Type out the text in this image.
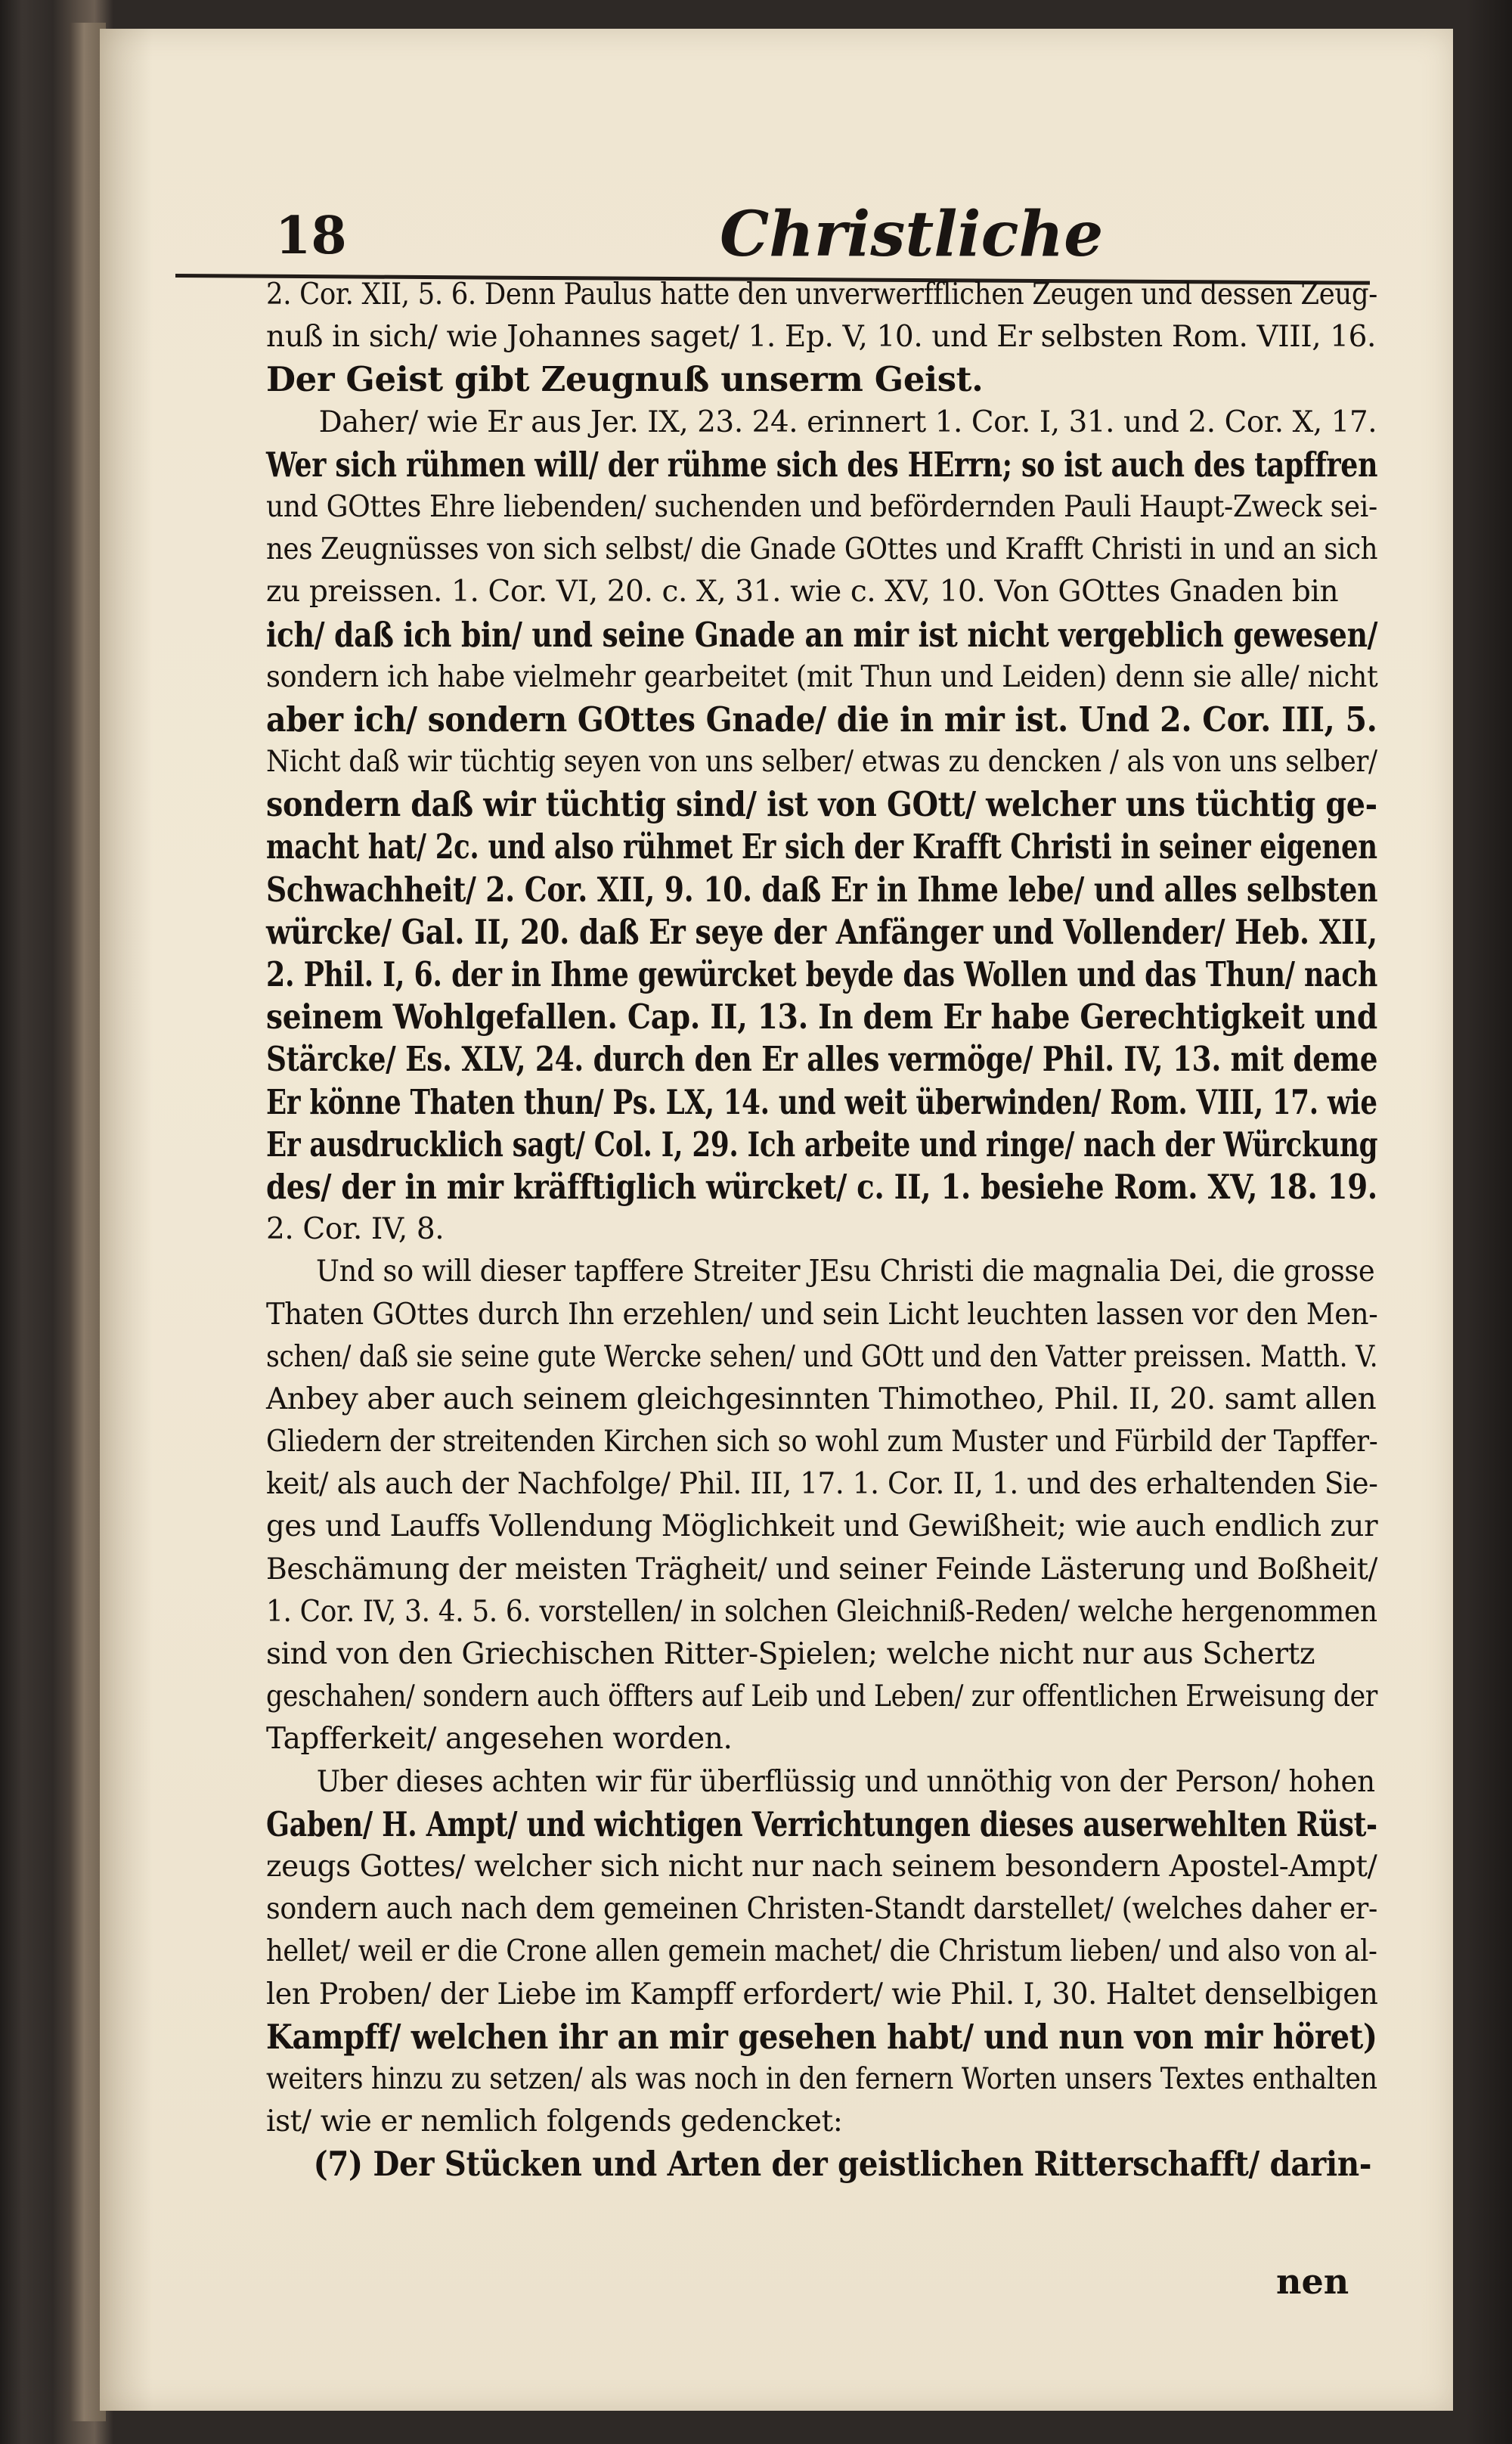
18	Christliche
2. Cor. XII, 5. 6. Denn Paulus hatte den unverwerfflichen Zeugen und dessen Zeug-
nuß in sich/ wie Johannes saget/ 1. Ep. V, 10. und Er selbsten Rom. VIII, 16.
Der Geist gibt Zeugnuß unserm Geist.
Daher/ wie Er aus Jer. IX, 23. 24. erinnert 1. Cor. I, 31. und 2. Cor. X, 17.
Wer sich rühmen will/ der rühme sich des HErrn; so ist auch des tapffren
und GOttes Ehre liebenden/ suchenden und befördernden Pauli Haupt-Zweck sei-
nes Zeugnüsses von sich selbst/ die Gnade GOttes und Krafft Christi in und an sich
zu preissen. 1. Cor. VI, 20. c. X, 31. wie c. XV, 10. Von GOttes Gnaden bin
ich/ daß ich bin/ und seine Gnade an mir ist nicht vergeblich gewesen/
sondern ich habe vielmehr gearbeitet (mit Thun und Leiden) denn sie alle/ nicht
aber ich/ sondern GOttes Gnade/ die in mir ist. Und 2. Cor. III, 5.
Nicht daß wir tüchtig seyen von uns selber/ etwas zu dencken / als von uns selber/
sondern daß wir tüchtig sind/ ist von GOtt/ welcher uns tüchtig ge-
macht hat/ 2c. und also rühmet Er sich der Krafft Christi in seiner eigenen
Schwachheit/ 2. Cor. XII, 9. 10. daß Er in Ihme lebe/ und alles selbsten
würcke/ Gal. II, 20. daß Er seye der Anfänger und Vollender/ Heb. XII,
2. Phil. I, 6. der in Ihme gewürcket beyde das Wollen und das Thun/ nach
seinem Wohlgefallen. Cap. II, 13. In dem Er habe Gerechtigkeit und
Stärcke/ Es. XLV, 24. durch den Er alles vermöge/ Phil. IV, 13. mit deme
Er könne Thaten thun/ Ps. LX, 14. und weit überwinden/ Rom. VIII, 17. wie
Er ausdrucklich sagt/ Col. I, 29. Ich arbeite und ringe/ nach der Würckung
des/ der in mir kräfftiglich würcket/ c. II, 1. besiehe Rom. XV, 18. 19.
2. Cor. IV, 8.
Und so will dieser tapffere Streiter JEsu Christi die magnalia Dei, die grosse
Thaten GOttes durch Ihn erzehlen/ und sein Licht leuchten lassen vor den Men-
schen/ daß sie seine gute Wercke sehen/ und GOtt und den Vatter preissen. Matth. V.
Anbey aber auch seinem gleichgesinnten Thimotheo, Phil. II, 20. samt allen
Gliedern der streitenden Kirchen sich so wohl zum Muster und Fürbild der Tapffer-
keit/ als auch der Nachfolge/ Phil. III, 17. 1. Cor. II, 1. und des erhaltenden Sie-
ges und Lauffs Vollendung Möglichkeit und Gewißheit; wie auch endlich zur
Beschämung der meisten Trägheit/ und seiner Feinde Lästerung und Boßheit/
1. Cor. IV, 3. 4. 5. 6. vorstellen/ in solchen Gleichniß-Reden/ welche hergenommen
sind von den Griechischen Ritter-Spielen; welche nicht nur aus Schertz
geschahen/ sondern auch öffters auf Leib und Leben/ zur offentlichen Erweisung der
Tapfferkeit/ angesehen worden.
Uber dieses achten wir für überflüssig und unnöthig von der Person/ hohen
Gaben/ H. Ampt/ und wichtigen Verrichtungen dieses auserwehlten Rüst-
zeugs Gottes/ welcher sich nicht nur nach seinem besondern Apostel-Ampt/
sondern auch nach dem gemeinen Christen-Standt darstellet/ (welches daher er-
hellet/ weil er die Crone allen gemein machet/ die Christum lieben/ und also von al-
len Proben/ der Liebe im Kampff erfordert/ wie Phil. I, 30. Haltet denselbigen
Kampff/ welchen ihr an mir gesehen habt/ und nun von mir höret)
weiters hinzu zu setzen/ als was noch in den fernern Worten unsers Textes enthalten
ist/ wie er nemlich folgends gedencket:
(7) Der Stücken und Arten der geistlichen Ritterschafft/ darin-
nen
